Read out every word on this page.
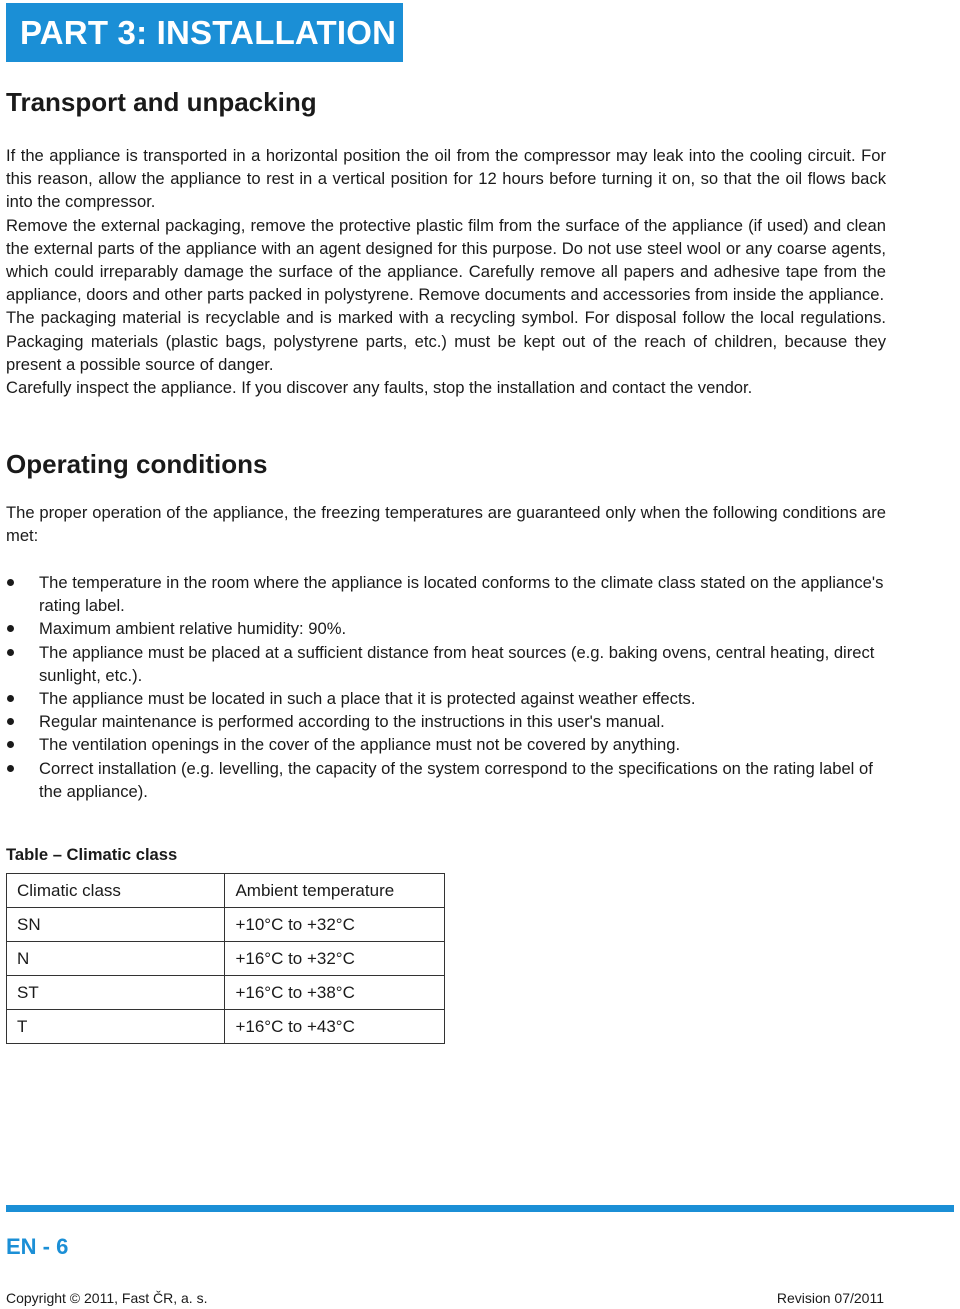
PART 3: INSTALLATION
Transport and unpacking

If the appliance is transported in a horizontal position the oil from the compressor may leak into the cooling circuit. For this reason, allow the appliance to rest in a vertical position for 12 hours before turning it on, so that the oil flows back into the compressor.

Remove the external packaging, remove the protective plastic film from the surface of the appliance (if used) and clean the external parts of the appliance with an agent designed for this purpose. Do not use steel wool or any coarse agents, which could irreparably damage the surface of the appliance. Carefully remove all papers and adhesive tape from the appliance, doors and other parts packed in polystyrene. Remove documents and accessories from inside the appliance.

The packaging material is recyclable and is marked with a recycling symbol. For disposal follow the local regulations. Packaging materials (plastic bags, polystyrene parts, etc.) must be kept out of the reach of children, because they present a possible source of danger.

Carefully inspect the appliance. If you discover any faults, stop the installation and contact the vendor.

Operating conditions

The proper operation of the appliance, the freezing temperatures are guaranteed only when the following conditions are met:

The temperature in the room where the appliance is located conforms to the climate class stated on the appliance's rating label.
Maximum ambient relative humidity: 90%.
The appliance must be placed at a sufficient distance from heat sources (e.g. baking ovens, central heating, direct sunlight, etc.).
The appliance must be located in such a place that it is protected against weather effects.
Regular maintenance is performed according to the instructions in this user's manual.
The ventilation openings in the cover of the appliance must not be covered by anything.
Correct installation (e.g. levelling, the capacity of the system correspond to the specifications on the rating label of the appliance).
Table – Climatic class
Climatic class	Ambient temperature
SN	+10°C to +32°C
N	+16°C to +32°C
ST	+16°C to +38°C
T	+16°C to +43°C
EN - 6
Copyright © 2011, Fast ČR, a. s.	Revision 07/2011
